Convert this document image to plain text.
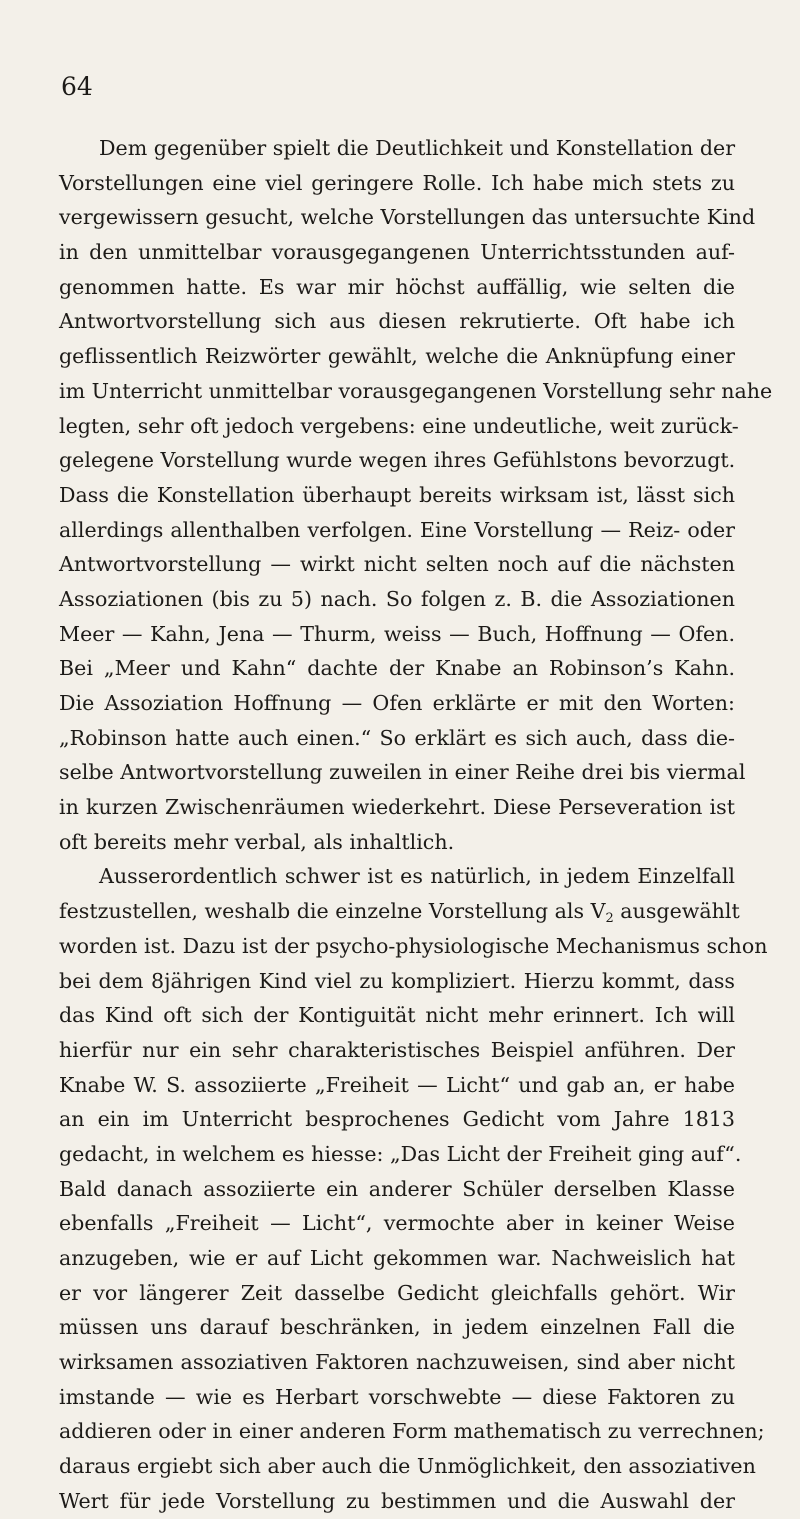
64
Dem gegenüber spielt die Deutlichkeit und Konstellation der
Vorstellungen eine viel geringere Rolle. Ich habe mich stets zu
vergewissern gesucht, welche Vorstellungen das untersuchte Kind
in den unmittelbar vorausgegangenen Unterrichtsstunden auf-
genommen hatte. Es war mir höchst auffällig, wie selten die
Antwortvorstellung sich aus diesen rekrutierte. Oft habe ich
geflissentlich Reizwörter gewählt, welche die Anknüpfung einer
im Unterricht unmittelbar vorausgegangenen Vorstellung sehr nahe
legten, sehr oft jedoch vergebens: eine undeutliche, weit zurück-
gelegene Vorstellung wurde wegen ihres Gefühlstons bevorzugt.
Dass die Konstellation überhaupt bereits wirksam ist, lässt sich
allerdings allenthalben verfolgen. Eine Vorstellung — Reiz- oder
Antwortvorstellung — wirkt nicht selten noch auf die nächsten
Assoziationen (bis zu 5) nach. So folgen z. B. die Assoziationen
Meer — Kahn, Jena — Thurm, weiss — Buch, Hoffnung — Ofen.
Bei „Meer und Kahn“ dachte der Knabe an Robinson’s Kahn.
Die Assoziation Hoffnung — Ofen erklärte er mit den Worten:
„Robinson hatte auch einen.“ So erklärt es sich auch, dass die-
selbe Antwortvorstellung zuweilen in einer Reihe drei bis viermal
in kurzen Zwischenräumen wiederkehrt. Diese Perseveration ist
oft bereits mehr verbal, als inhaltlich.
Ausserordentlich schwer ist es natürlich, in jedem Einzelfall
festzustellen, weshalb die einzelne Vorstellung als $V_2$ ausgewählt
worden ist. Dazu ist der psycho-physiologische Mechanismus schon
bei dem 8jährigen Kind viel zu kompliziert. Hierzu kommt, dass
das Kind oft sich der Kontiguität nicht mehr erinnert. Ich will
hierfür nur ein sehr charakteristisches Beispiel anführen. Der
Knabe W. S. assoziierte „Freiheit — Licht“ und gab an, er habe
an ein im Unterricht besprochenes Gedicht vom Jahre 1813
gedacht, in welchem es hiesse: „Das Licht der Freiheit ging auf“.
Bald danach assoziierte ein anderer Schüler derselben Klasse
ebenfalls „Freiheit — Licht“, vermochte aber in keiner Weise
anzugeben, wie er auf Licht gekommen war. Nachweislich hat
er vor längerer Zeit dasselbe Gedicht gleichfalls gehört. Wir
müssen uns darauf beschränken, in jedem einzelnen Fall die
wirksamen assoziativen Faktoren nachzuweisen, sind aber nicht
imstande — wie es Herbart vorschwebte — diese Faktoren zu
addieren oder in einer anderen Form mathematisch zu verrechnen;
daraus ergiebt sich aber auch die Unmöglichkeit, den assoziativen
Wert für jede Vorstellung zu bestimmen und die Auswahl der
